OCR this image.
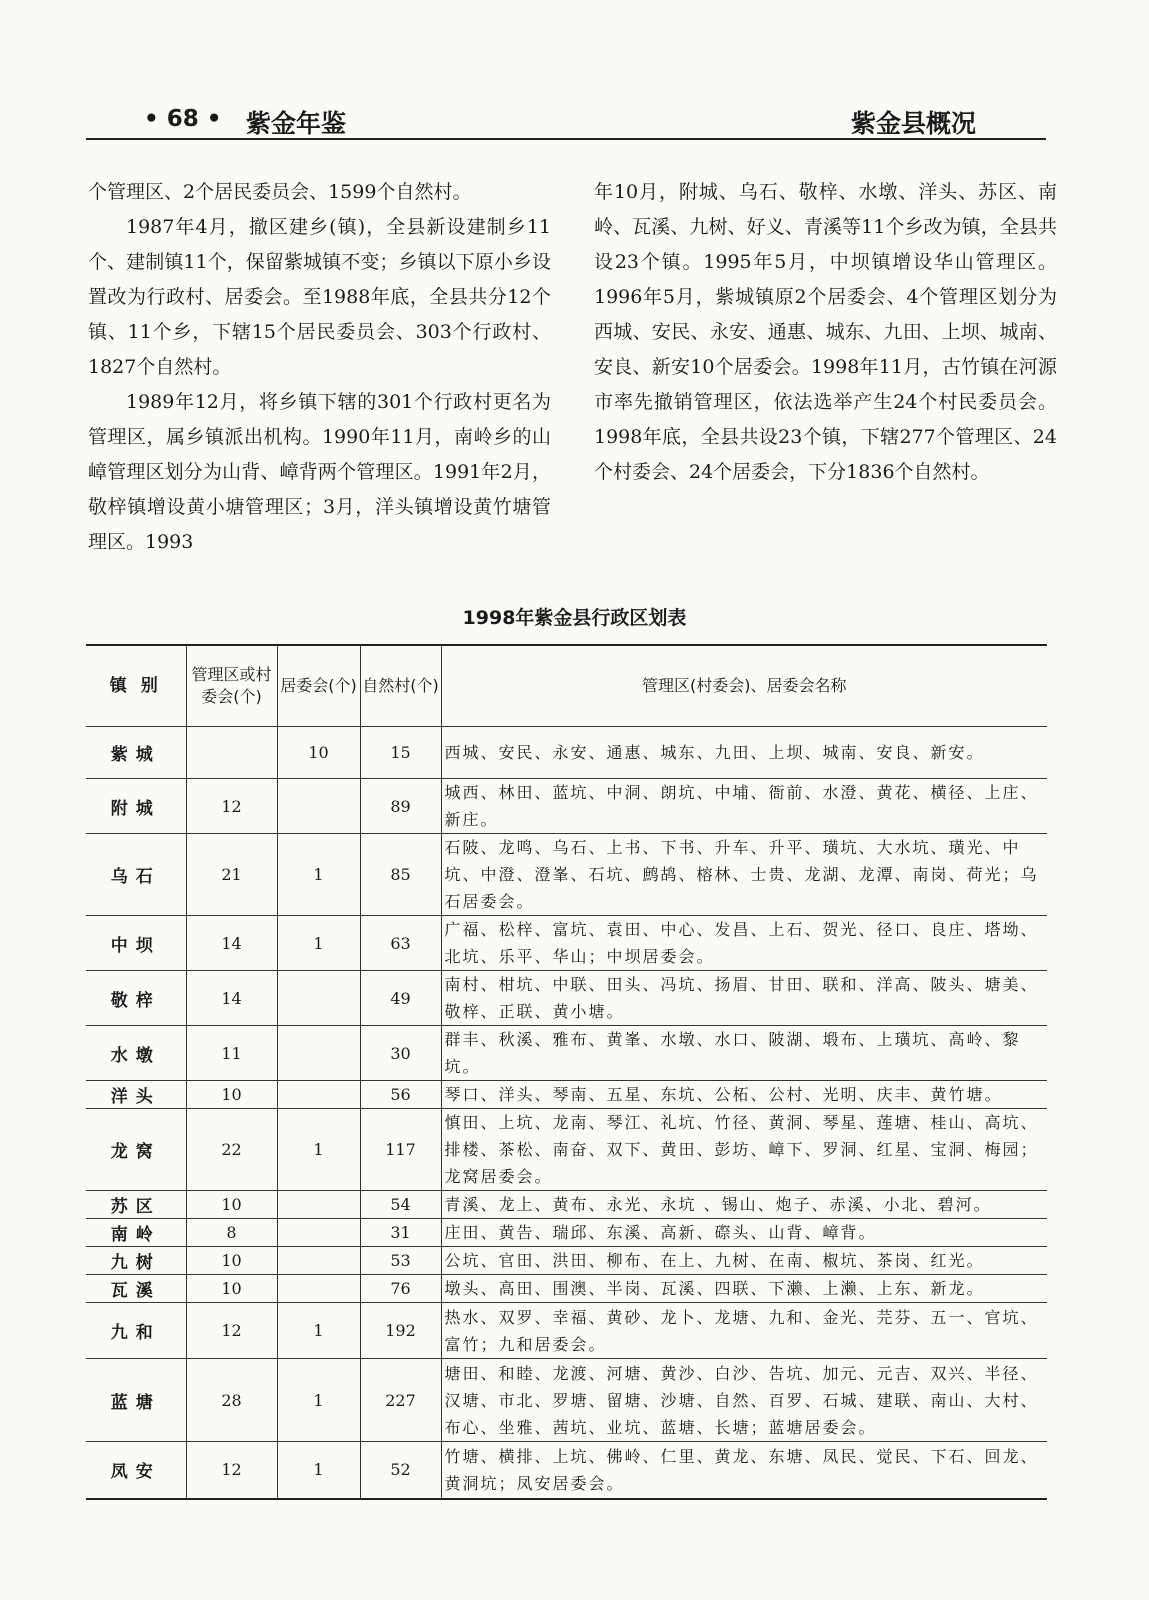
• 68 • 紫金年鉴	紫金县概况

个管理区、2个居民委员会、1599个自然村。

1987年4月，撤区建乡(镇)，全县新设建制乡11个、建制镇11个，保留紫城镇不变；乡镇以下原小乡设置改为行政村、居委会。至1988年底，全县共分12个镇、11个乡，下辖15个居民委员会、303个行政村、1827个自然村。

1989年12月，将乡镇下辖的301个行政村更名为管理区，属乡镇派出机构。1990年11月，南岭乡的山嶂管理区划分为山背、嶂背两个管理区。1991年2月，敬梓镇增设黄小塘管理区；3月，洋头镇增设黄竹塘管理区。1993

年10月，附城、乌石、敬梓、水墩、洋头、苏区、南岭、瓦溪、九树、好义、青溪等11个乡改为镇，全县共设23个镇。1995年5月，中坝镇增设华山管理区。1996年5月，紫城镇原2个居委会、4个管理区划分为西城、安民、永安、通惠、城东、九田、上坝、城南、安良、新安10个居委会。1998年11月，古竹镇在河源市率先撤销管理区，依法选举产生24个村民委员会。1998年底，全县共设23个镇，下辖277个管理区、24个村委会、24个居委会，下分1836个自然村。

1998年紫金县行政区划表
镇 别	管理区或村委会(个)	居委会(个)	自然村(个)	管理区(村委会)、居委会名称
紫城		10	15	西城、安民、永安、通惠、城东、九田、上坝、城南、安良、新安。
附城	12		89	城西、林田、蓝坑、中洞、朗坑、中埔、衙前、水澄、黄花、横径、上庄、新庄。
乌石	21	1	85	石陂、龙鸣、乌石、上书、下书、升车、升平、璜坑、大水坑、璜光、中坑、中澄、澄峯、石坑、鹧鸪、榕林、士贵、龙湖、龙潭、南岗、荷光；乌石居委会。
中坝	14	1	63	广福、松梓、富坑、袁田、中心、发昌、上石、贺光、径口、良庄、塔坳、北坑、乐平、华山；中坝居委会。
敬梓	14		49	南村、柑坑、中联、田头、冯坑、扬眉、甘田、联和、洋高、陂头、塘美、敬梓、正联、黄小塘。
水墩	11		30	群丰、秋溪、雅布、黄峯、水墩、水口、陂湖、塅布、上璜坑、高岭、黎坑。
洋头	10		56	琴口、洋头、琴南、五星、东坑、公柘、公村、光明、庆丰、黄竹塘。
龙窝	22	1	117	慎田、上坑、龙南、琴江、礼坑、竹径、黄洞、琴星、莲塘、桂山、高坑、排楼、茶松、南奋、双下、黄田、彭坊、嶂下、罗洞、红星、宝洞、梅园；龙窝居委会。
苏区	10		54	青溪、龙上、黄布、永光、永坑 、锡山、炮子、赤溪、小北、碧河。
南岭	8		31	庄田、黄告、瑞邱、东溪、高新、磜头、山背、嶂背。
九树	10		53	公坑、官田、洪田、柳布、在上、九树、在南、椒坑、茶岗、红光。
瓦溪	10		76	墩头、高田、围澳、半岗、瓦溪、四联、下濑、上濑、上东、新龙。
九和	12	1	192	热水、双罗、幸福、黄砂、龙卜、龙塘、九和、金光、芫芬、五一、官坑、富竹；九和居委会。
蓝塘	28	1	227	塘田、和睦、龙渡、河塘、黄沙、白沙、告坑、加元、元吉、双兴、半径、汉塘、市北、罗塘、留塘、沙塘、自然、百罗、石城、建联、南山、大村、布心、坐雅、茜坑、业坑、蓝塘、长塘；蓝塘居委会。
凤安	12	1	52	竹塘、横排、上坑、佛岭、仁里、黄龙、东塘、凤民、觉民、下石、回龙、黄洞坑；凤安居委会。
